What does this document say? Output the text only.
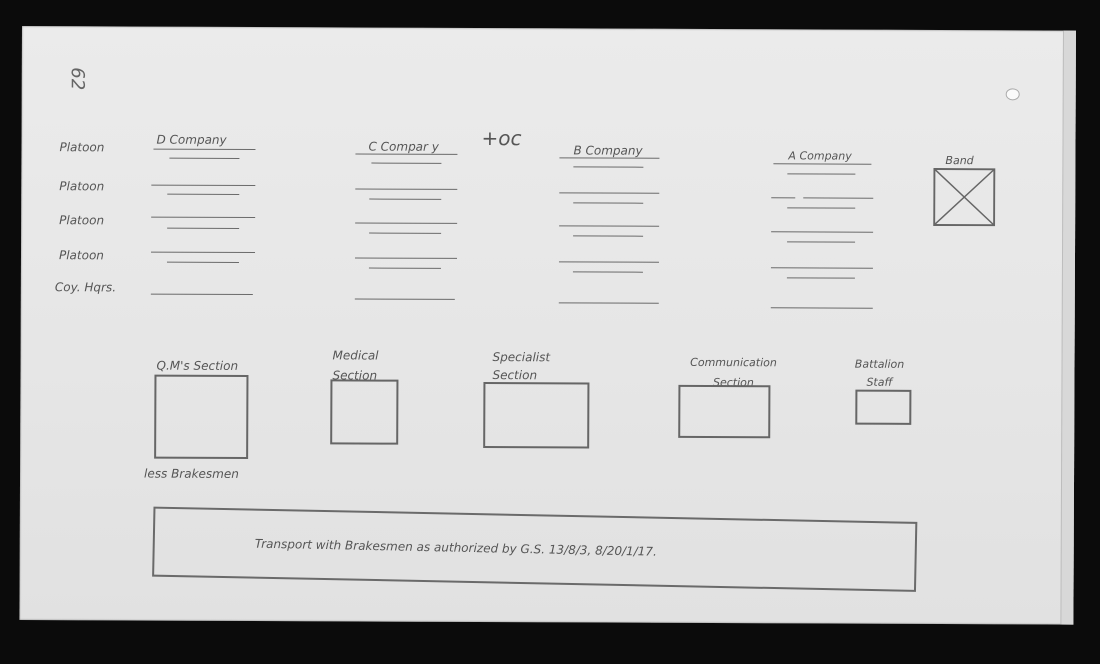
62
+oc
Platoon
Platoon
Platoon
Platoon
Coy. Hqrs.
D Company	C Compar y	B Company	A Company	Band
Q.M's Section
less Brakesmen
Medical Section
Specialist Section
Communication Section
Battalion Staff
Transport with Brakesmen as authorized by G.S. 13/8/3, 8/20/1/17.
